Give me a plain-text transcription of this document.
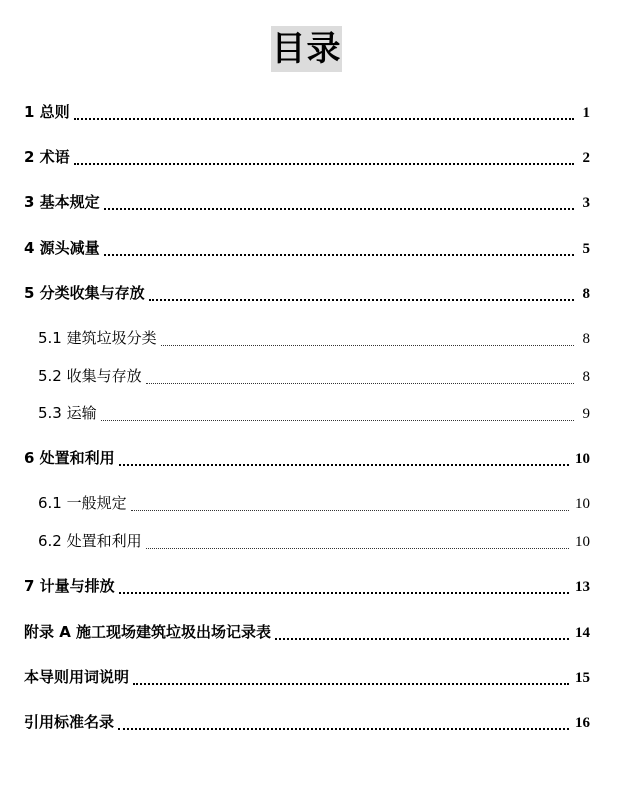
目录
1 总则	1
2 术语	2
3 基本规定	3
4 源头减量	5
5 分类收集与存放	8
5.1 建筑垃圾分类	8
5.2 收集与存放	8
5.3 运输	9
6 处置和利用	10
6.1 一般规定	10
6.2 处置和利用	10
7 计量与排放	13
附录 A 施工现场建筑垃圾出场记录表	14
本导则用词说明	15
引用标准名录	16
